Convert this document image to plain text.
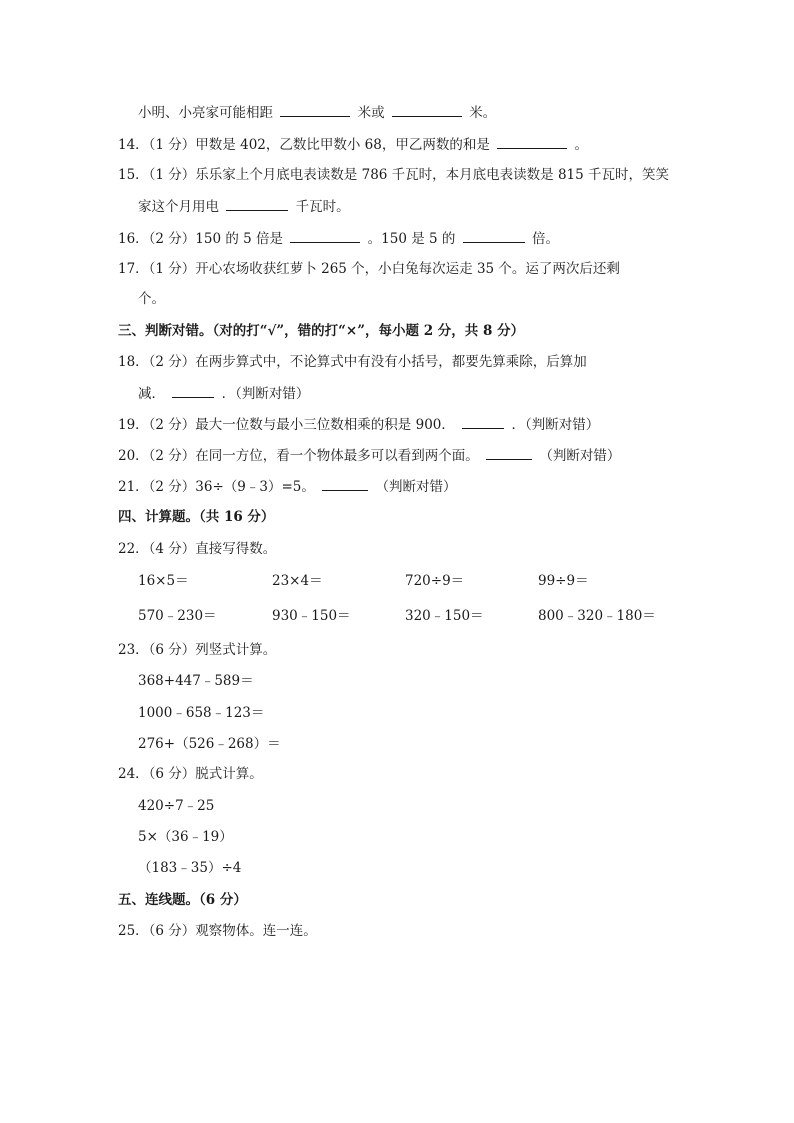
小明、小亮家可能相距	米或	米。
14．（1 分）甲数是 402，乙数比甲数小 68，甲乙两数的和是	。
15．（1 分）乐乐家上个月底电表读数是 786 千瓦时，本月底电表读数是 815 千瓦时，笑笑
家这个月用电	千瓦时。
16．（2 分）150 的 5 倍是	。150 是 5 的	倍。
17．（1 分）开心农场收获红萝卜 265 个，小白兔每次运走 35 个。运了两次后还剩
个。
三、判断对错。（对的打“√”，错的打“×”，每小题 2 分，共 8 分）
18．（2 分）在两步算式中，不论算式中有没有小括号，都要先算乘除，后算加
减．	．（判断对错）
19．（2 分）最大一位数与最小三位数相乘的积是 900．	．（判断对错）
20．（2 分）在同一方位，看一个物体最多可以看到两个面。	（判断对错）
21．（2 分）36÷（9﹣3）=5。	（判断对错）
四、计算题。（共 16 分）
22．（4 分）直接写得数。
16×5＝	23×4＝	720÷9＝	99÷9＝
570﹣230＝	930﹣150＝	320﹣150＝	800﹣320﹣180＝
23．（6 分）列竖式计算。
368+447﹣589＝
1000﹣658﹣123＝
276+（526﹣268）＝
24．（6 分）脱式计算。
420÷7﹣25
5×（36﹣19）
（183﹣35）÷4
五、连线题。（6 分）
25．（6 分）观察物体。连一连。
